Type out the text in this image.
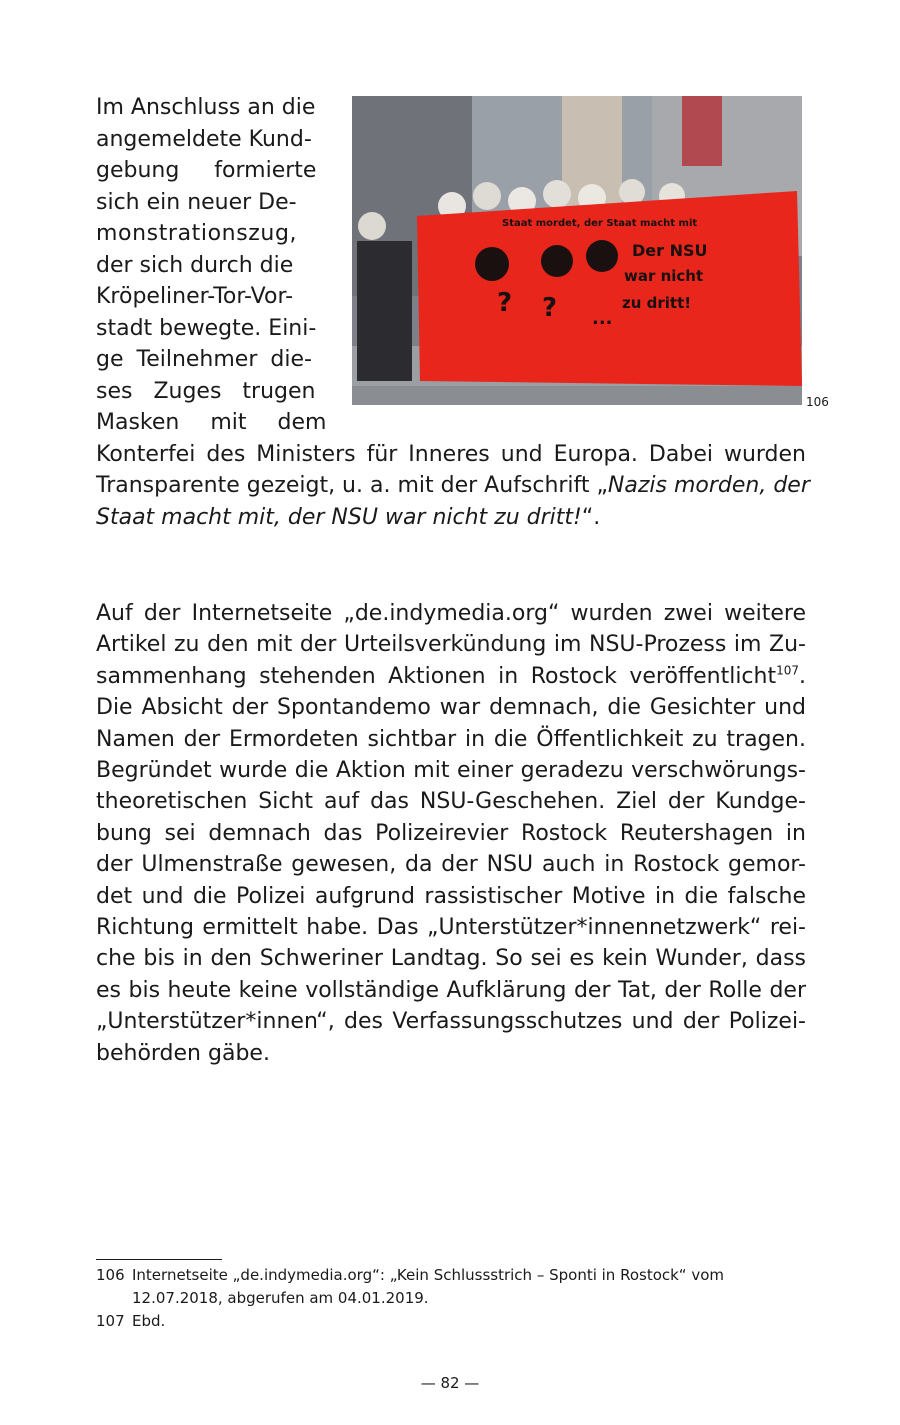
Im Anschluss an die
angemeldete Kund-
gebung formierte
sich ein neuer De-
monstrationszug,
der sich durch die
Kröpeliner-Tor-Vor-
stadt bewegte. Eini-
ge Teilnehmer die-
ses Zuges trugen
Masken mit dem
Staat mordet, der Staat macht mit
Der NSU
war nicht
zu dritt!
...
? ?
106
Konterfei des Ministers für Inneres und Europa. Dabei wurden
Transparente gezeigt, u. a. mit der Aufschrift „Nazis morden, der
Staat macht mit, der NSU war nicht zu dritt!“.
Auf der Internetseite „de.indymedia.org“ wurden zwei weitere
Artikel zu den mit der Urteilsverkündung im NSU-Prozess im Zu-
sammenhang stehenden Aktionen in Rostock veröffentlicht$^{107}$.
Die Absicht der Spontandemo war demnach, die Gesichter und
Namen der Ermordeten sichtbar in die Öffentlichkeit zu tragen.
Begründet wurde die Aktion mit einer geradezu verschwörungs-
theoretischen Sicht auf das NSU-Geschehen. Ziel der Kundge-
bung sei demnach das Polizeirevier Rostock Reutershagen in
der Ulmenstraße gewesen, da der NSU auch in Rostock gemor-
det und die Polizei aufgrund rassistischer Motive in die falsche
Richtung ermittelt habe. Das „Unterstützer*innennetzwerk“ rei-
che bis in den Schweriner Landtag. So sei es kein Wunder, dass
es bis heute keine vollständige Aufklärung der Tat, der Rolle der
„Unterstützer*innen“, des Verfassungsschutzes und der Polizei-
behörden gäbe.
106 Internetseite „de.indymedia.org“: „Kein Schlussstrich – Sponti in Rostock“ vom
12.07.2018, abgerufen am 04.01.2019.
107 Ebd.
— 82 —
